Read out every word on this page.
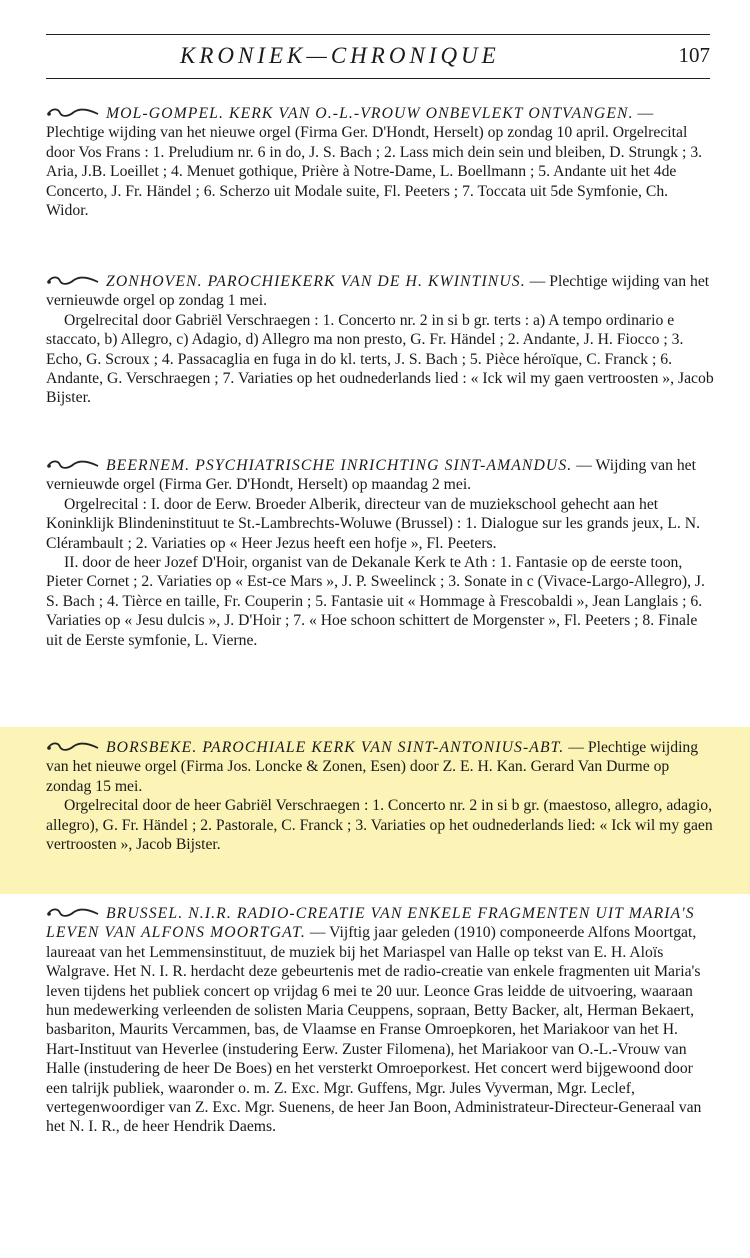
KRONIEK—CHRONIQUE	107

MOL-GOMPEL. KERK VAN O.-L.-VROUW ONBEVLEKT ONTVANGEN. — Plechtige wijding van het nieuwe orgel (Firma Ger. D'Hondt, Herselt) op zondag 10 april. Orgelrecital door Vos Frans : 1. Preludium nr. 6 in do, J. S. Bach ; 2. Lass mich dein sein und bleiben, D. Strungk ; 3. Aria, J.B. Loeillet ; 4. Menuet gothique, Prière à Notre-Dame, L. Boellmann ; 5. Andante uit het 4de Concerto, J. Fr. Händel ; 6. Scherzo uit Modale suite, Fl. Peeters ; 7. Toccata uit 5de Symfonie, Ch. Widor.

ZONHOVEN. PAROCHIEKERK VAN DE H. KWINTINUS. — Plechtige wijding van het vernieuwde orgel op zondag 1 mei.

Orgelrecital door Gabriël Verschraegen : 1. Concerto nr. 2 in si b gr. terts : a) A tempo ordinario e staccato, b) Allegro, c) Adagio, d) Allegro ma non presto, G. Fr. Händel ; 2. Andante, J. H. Fiocco ; 3. Echo, G. Scroux ; 4. Passacaglia en fuga in do kl. terts, J. S. Bach ; 5. Pièce héroïque, C. Franck ; 6. Andante, G. Verschraegen ; 7. Variaties op het oudnederlands lied : « Ick wil my gaen vertroosten », Jacob Bijster.

BEERNEM. PSYCHIATRISCHE INRICHTING SINT-AMANDUS. — Wijding van het vernieuwde orgel (Firma Ger. D'Hondt, Herselt) op maandag 2 mei.

Orgelrecital : I. door de Eerw. Broeder Alberik, directeur van de muziekschool gehecht aan het Koninklijk Blindeninstituut te St.-Lambrechts-Woluwe (Brussel) : 1. Dialogue sur les grands jeux, L. N. Clérambault ; 2. Variaties op « Heer Jezus heeft een hofje », Fl. Peeters.

II. door de heer Jozef D'Hoir, organist van de Dekanale Kerk te Ath : 1. Fantasie op de eerste toon, Pieter Cornet ; 2. Variaties op « Est-ce Mars », J. P. Sweelinck ; 3. Sonate in c (Vivace-Largo-Allegro), J. S. Bach ; 4. Tièrce en taille, Fr. Couperin ; 5. Fantasie uit « Hommage à Frescobaldi », Jean Langlais ; 6. Variaties op « Jesu dulcis », J. D'Hoir ; 7. « Hoe schoon schittert de Morgenster », Fl. Peeters ; 8. Finale uit de Eerste symfonie, L. Vierne.

BORSBEKE. PAROCHIALE KERK VAN SINT-ANTONIUS-ABT. — Plechtige wijding van het nieuwe orgel (Firma Jos. Loncke & Zonen, Esen) door Z. E. H. Kan. Gerard Van Durme op zondag 15 mei.

Orgelrecital door de heer Gabriël Verschraegen : 1. Concerto nr. 2 in si b gr. (maestoso, allegro, adagio, allegro), G. Fr. Händel ; 2. Pastorale, C. Franck ; 3. Variaties op het oudnederlands lied: « Ick wil my gaen vertroosten », Jacob Bijster.

BRUSSEL. N.I.R. RADIO-CREATIE VAN ENKELE FRAGMENTEN UIT MARIA'S LEVEN VAN ALFONS MOORTGAT. — Vijftig jaar geleden (1910) componeerde Alfons Moortgat, laureaat van het Lemmensinstituut, de muziek bij het Mariaspel van Halle op tekst van E. H. Aloïs Walgrave. Het N. I. R. herdacht deze gebeurtenis met de radio-creatie van enkele fragmenten uit Maria's leven tijdens het publiek concert op vrijdag 6 mei te 20 uur. Leonce Gras leidde de uitvoering, waaraan hun medewerking verleenden de solisten Maria Ceuppens, sopraan, Betty Backer, alt, Herman Bekaert, basbariton, Maurits Vercammen, bas, de Vlaamse en Franse Omroepkoren, het Mariakoor van het H. Hart-Instituut van Heverlee (instudering Eerw. Zuster Filomena), het Mariakoor van O.-L.-Vrouw van Halle (instudering de heer De Boes) en het versterkt Omroeporkest. Het concert werd bijgewoond door een talrijk publiek, waaronder o. m. Z. Exc. Mgr. Guffens, Mgr. Jules Vyverman, Mgr. Leclef, vertegenwoordiger van Z. Exc. Mgr. Suenens, de heer Jan Boon, Administrateur-Directeur-Generaal van het N. I. R., de heer Hendrik Daems.
